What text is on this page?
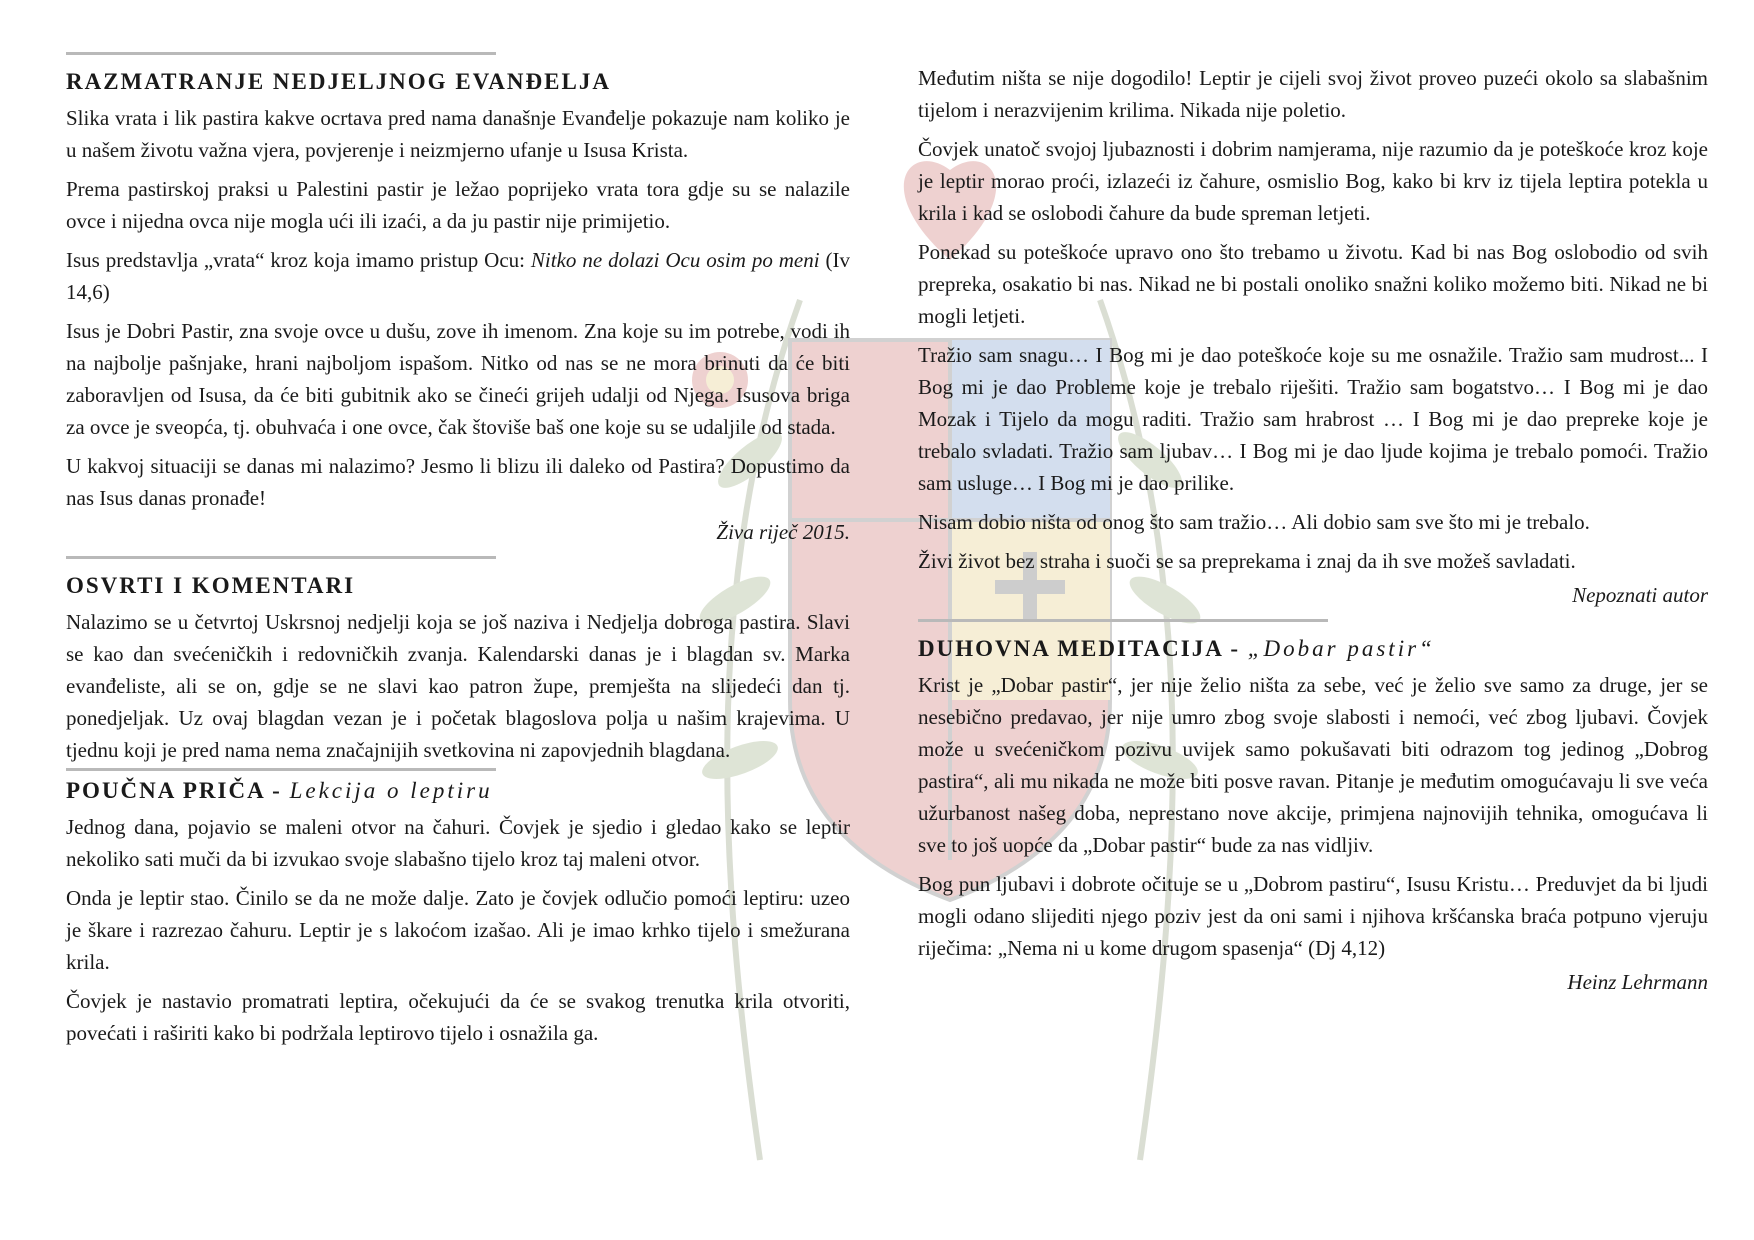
RAZMATRANJE NEDJELJNOG EVANĐELJA

Slika vrata i lik pastira kakve ocrtava pred nama današnje Evanđelje pokazuje nam koliko je u našem životu važna vjera, povjerenje i neizmjerno ufanje u Isusa Krista.

Prema pastirskoj praksi u Palestini pastir je ležao poprijeko vrata tora gdje su se nalazile ovce i nijedna ovca nije mogla ući ili izaći, a da ju pastir nije primijetio.

Isus predstavlja „vrata“ kroz koja imamo pristup Ocu: Nitko ne dolazi Ocu osim po meni (Iv 14,6)

Isus je Dobri Pastir, zna svoje ovce u dušu, zove ih imenom. Zna koje su im potrebe, vodi ih na najbolje pašnjake, hrani najboljom ispašom. Nitko od nas se ne mora brinuti da će biti zaboravljen od Isusa, da će biti gubitnik ako se čineći grijeh udalji od Njega. Isusova briga za ovce je sveopća, tj. obuhvaća i one ovce, čak štoviše baš one koje su se udaljile od stada.

U kakvoj situaciji se danas mi nalazimo? Jesmo li blizu ili daleko od Pastira? Dopustimo da nas Isus danas pronađe!

Živa riječ 2015.
OSVRTI I KOMENTARI

Nalazimo se u četvrtoj Uskrsnoj nedjelji koja se još naziva i Nedjelja dobroga pastira. Slavi se kao dan svećeničkih i redovničkih zvanja. Kalendarski danas je i blagdan sv. Marka evanđeliste, ali se on, gdje se ne slavi kao patron župe, premješta na slijedeći dan tj. ponedjeljak. Uz ovaj blagdan vezan je i početak blagoslova polja u našim krajevima. U tjednu koji je pred nama nema značajnijih svetkovina ni zapovjednih blagdana.

POUČNA PRIČA - Lekcija o leptiru

Jednog dana, pojavio se maleni otvor na čahuri. Čovjek je sjedio i gledao kako se leptir nekoliko sati muči da bi izvukao svoje slabašno tijelo kroz taj maleni otvor.

Onda je leptir stao. Činilo se da ne može dalje. Zato je čovjek odlučio pomoći leptiru: uzeo je škare i razrezao čahuru. Leptir je s lakoćom izašao. Ali je imao krhko tijelo i smežurana krila.

Čovjek je nastavio promatrati leptira, očekujući da će se svakog trenutka krila otvoriti, povećati i raširiti kako bi podržala leptirovo tijelo i osnažila ga.

Međutim ništa se nije dogodilo! Leptir je cijeli svoj život proveo puzeći okolo sa slabašnim tijelom i nerazvijenim krilima. Nikada nije poletio.

Čovjek unatoč svojoj ljubaznosti i dobrim namjerama, nije razumio da je poteškoće kroz koje je leptir morao proći, izlazeći iz čahure, osmislio Bog, kako bi krv iz tijela leptira potekla u krila i kad se oslobodi čahure da bude spreman letjeti.

Ponekad su poteškoće upravo ono što trebamo u životu. Kad bi nas Bog oslobodio od svih prepreka, osakatio bi nas. Nikad ne bi postali onoliko snažni koliko možemo biti. Nikad ne bi mogli letjeti.

Tražio sam snagu… I Bog mi je dao poteškoće koje su me osnažile. Tražio sam mudrost... I Bog mi je dao Probleme koje je trebalo riješiti. Tražio sam bogatstvo… I Bog mi je dao Mozak i Tijelo da mogu raditi. Tražio sam hrabrost … I Bog mi je dao prepreke koje je trebalo svladati. Tražio sam ljubav… I Bog mi je dao ljude kojima je trebalo pomoći. Tražio sam usluge… I Bog mi je dao prilike.

Nisam dobio ništa od onog što sam tražio… Ali dobio sam sve što mi je trebalo.

Živi život bez straha i suoči se sa preprekama i znaj da ih sve možeš savladati.

Nepoznati autor
DUHOVNA MEDITACIJA - „Dobar pastir“

Krist je „Dobar pastir“, jer nije želio ništa za sebe, već je želio sve samo za druge, jer se nesebično predavao, jer nije umro zbog svoje slabosti i nemoći, već zbog ljubavi. Čovjek može u svećeničkom pozivu uvijek samo pokušavati biti odrazom tog jedinog „Dobrog pastira“, ali mu nikada ne može biti posve ravan. Pitanje je međutim omogućavaju li sve veća užurbanost našeg doba, neprestano nove akcije, primjena najnovijih tehnika, omogućava li sve to još uopće da „Dobar pastir“ bude za nas vidljiv.

Bog pun ljubavi i dobrote očituje se u „Dobrom pastiru“, Isusu Kristu… Preduvjet da bi ljudi mogli odano slijediti njego poziv jest da oni sami i njihova kršćanska braća potpuno vjeruju riječima: „Nema ni u kome drugom spasenja“ (Dj 4,12)

Heinz Lehrmann
